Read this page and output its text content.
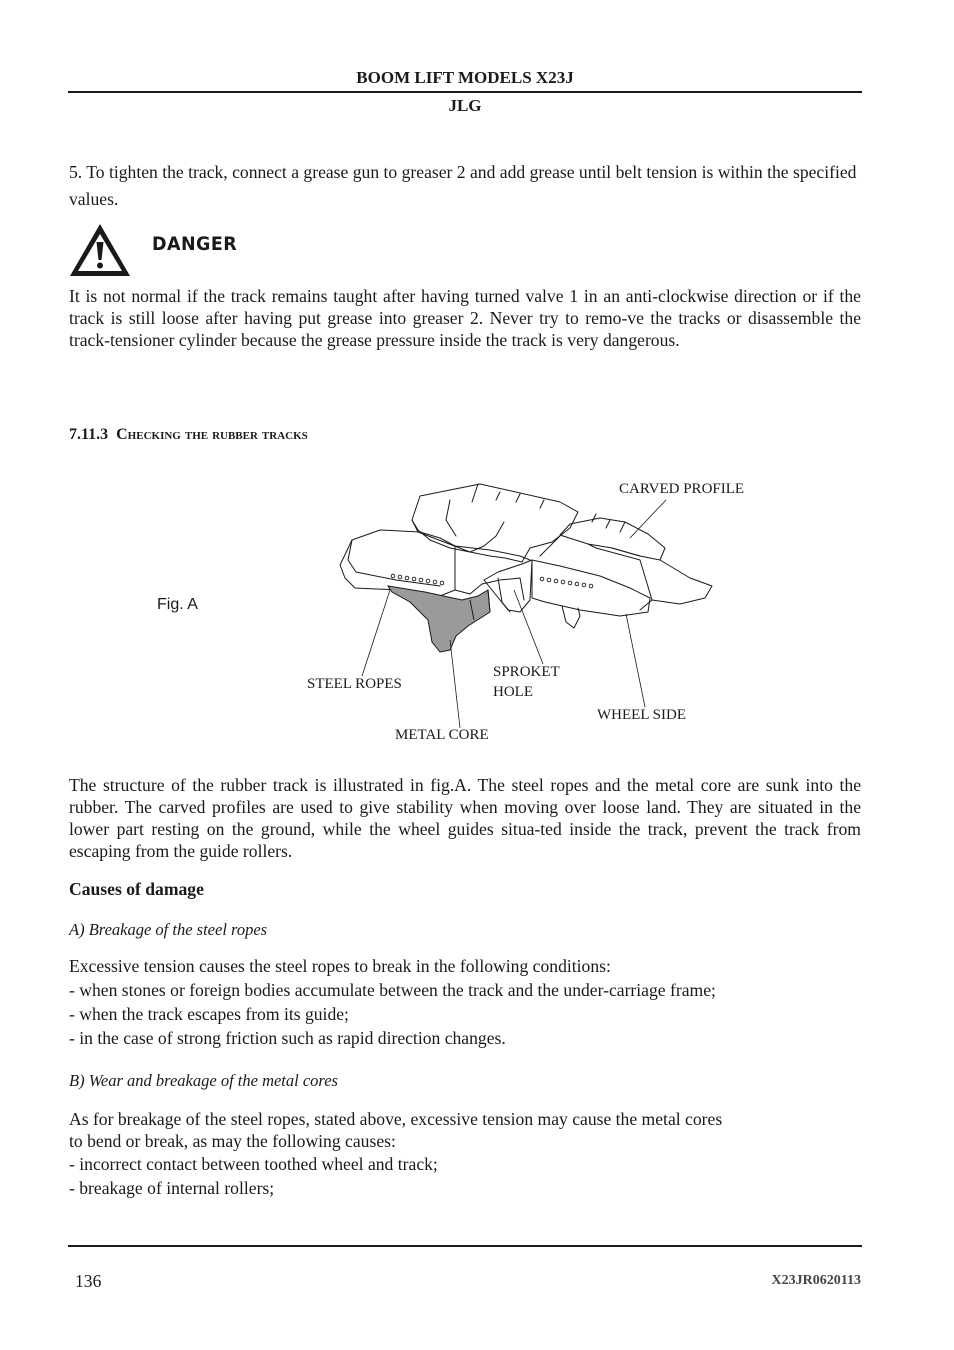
BOOM LIFT MODELS X23J
JLG
5. To tighten the track, connect a grease gun to greaser 2 and add grease until belt tension is within the specified values.
DANGER
It is not normal if the track remains taught after having turned valve 1 in an anti-clockwise direction or if the track is still loose after having put grease into greaser 2. Never try to remo-ve the tracks or disassemble the track-tensioner cylinder because the grease pressure inside the track is very dangerous.
7.11.3 Checking the rubber tracks
Fig. A
CARVED PROFILE
STEEL ROPES
SPROKET
HOLE
WHEEL SIDE
METAL CORE
The structure of the rubber track is illustrated in fig.A. The steel ropes and the metal core are sunk into the rubber. The carved profiles are used to give stability when moving over loose land. They are situated in the lower part resting on the ground, while the wheel guides situa-ted inside the track, prevent the track from escaping from the guide rollers.
Causes of damage
A) Breakage of the steel ropes
Excessive tension causes the steel ropes to break in the following conditions:
- when stones or foreign bodies accumulate between the track and the under-carriage frame;
- when the track escapes from its guide;
- in the case of strong friction such as rapid direction changes.
B) Wear and breakage of the metal cores
As for breakage of the steel ropes, stated above, excessive tension may cause the metal cores
to bend or break, as may the following causes:
- incorrect contact between toothed wheel and track;
- breakage of internal rollers;
136	X23JR0620113
